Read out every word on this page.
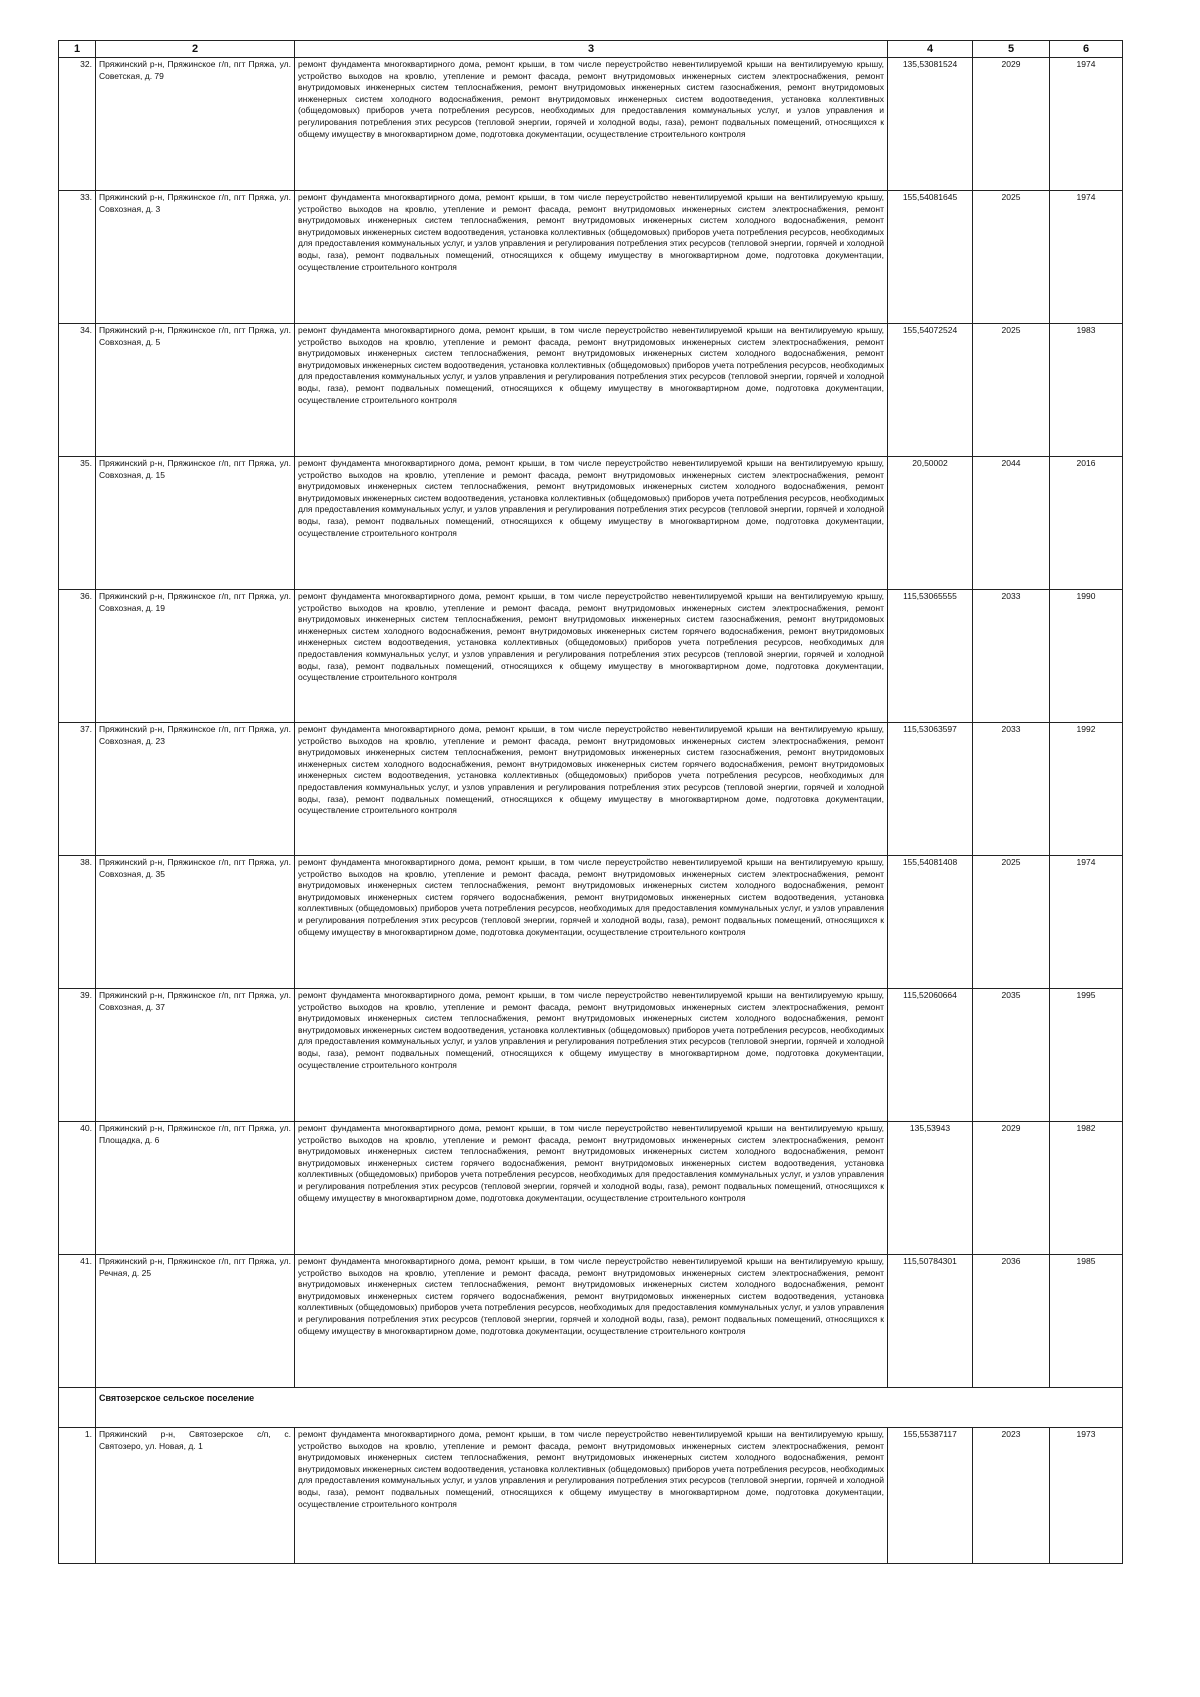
1	2	3	4	5	6
32.	Пряжинский р-н, Пряжинское г/п, пгт Пряжа, ул. Советская, д. 79	ремонт фундамента многоквартирного дома, ремонт крыши, в том числе переустройство невентилируемой крыши на вентилируемую крышу, устройство выходов на кровлю, утепление и ремонт фасада, ремонт внутридомовых инженерных систем электроснабжения, ремонт внутридомовых инженерных систем теплоснабжения, ремонт внутридомовых инженерных систем газоснабжения, ремонт внутридомовых инженерных систем холодного водоснабжения, ремонт внутридомовых инженерных систем водоотведения, установка коллективных (общедомовых) приборов учета потребления ресурсов, необходимых для предоставления коммунальных услуг, и узлов управления и регулирования потребления этих ресурсов (тепловой энергии, горячей и холодной воды, газа), ремонт подвальных помещений, относящихся к общему имуществу в многоквартирном доме, подготовка документации, осуществление строительного контроля	135,53081524	2029	1974
33.	Пряжинский р-н, Пряжинское г/п, пгт Пряжа, ул. Совхозная, д. 3	ремонт фундамента многоквартирного дома, ремонт крыши, в том числе переустройство невентилируемой крыши на вентилируемую крышу, устройство выходов на кровлю, утепление и ремонт фасада, ремонт внутридомовых инженерных систем электроснабжения, ремонт внутридомовых инженерных систем теплоснабжения, ремонт внутридомовых инженерных систем холодного водоснабжения, ремонт внутридомовых инженерных систем водоотведения, установка коллективных (общедомовых) приборов учета потребления ресурсов, необходимых для предоставления коммунальных услуг, и узлов управления и регулирования потребления этих ресурсов (тепловой энергии, горячей и холодной воды, газа), ремонт подвальных помещений, относящихся к общему имуществу в многоквартирном доме, подготовка документации, осуществление строительного контроля	155,54081645	2025	1974
34.	Пряжинский р-н, Пряжинское г/п, пгт Пряжа, ул. Совхозная, д. 5	ремонт фундамента многоквартирного дома, ремонт крыши, в том числе переустройство невентилируемой крыши на вентилируемую крышу, устройство выходов на кровлю, утепление и ремонт фасада, ремонт внутридомовых инженерных систем электроснабжения, ремонт внутридомовых инженерных систем теплоснабжения, ремонт внутридомовых инженерных систем холодного водоснабжения, ремонт внутридомовых инженерных систем водоотведения, установка коллективных (общедомовых) приборов учета потребления ресурсов, необходимых для предоставления коммунальных услуг, и узлов управления и регулирования потребления этих ресурсов (тепловой энергии, горячей и холодной воды, газа), ремонт подвальных помещений, относящихся к общему имуществу в многоквартирном доме, подготовка документации, осуществление строительного контроля	155,54072524	2025	1983
35.	Пряжинский р-н, Пряжинское г/п, пгт Пряжа, ул. Совхозная, д. 15	ремонт фундамента многоквартирного дома, ремонт крыши, в том числе переустройство невентилируемой крыши на вентилируемую крышу, устройство выходов на кровлю, утепление и ремонт фасада, ремонт внутридомовых инженерных систем электроснабжения, ремонт внутридомовых инженерных систем теплоснабжения, ремонт внутридомовых инженерных систем холодного водоснабжения, ремонт внутридомовых инженерных систем водоотведения, установка коллективных (общедомовых) приборов учета потребления ресурсов, необходимых для предоставления коммунальных услуг, и узлов управления и регулирования потребления этих ресурсов (тепловой энергии, горячей и холодной воды, газа), ремонт подвальных помещений, относящихся к общему имуществу в многоквартирном доме, подготовка документации, осуществление строительного контроля	20,50002	2044	2016
36.	Пряжинский р-н, Пряжинское г/п, пгт Пряжа, ул. Совхозная, д. 19	ремонт фундамента многоквартирного дома, ремонт крыши, в том числе переустройство невентилируемой крыши на вентилируемую крышу, устройство выходов на кровлю, утепление и ремонт фасада, ремонт внутридомовых инженерных систем электроснабжения, ремонт внутридомовых инженерных систем теплоснабжения, ремонт внутридомовых инженерных систем газоснабжения, ремонт внутридомовых инженерных систем холодного водоснабжения, ремонт внутридомовых инженерных систем горячего водоснабжения, ремонт внутридомовых инженерных систем водоотведения, установка коллективных (общедомовых) приборов учета потребления ресурсов, необходимых для предоставления коммунальных услуг, и узлов управления и регулирования потребления этих ресурсов (тепловой энергии, горячей и холодной воды, газа), ремонт подвальных помещений, относящихся к общему имуществу в многоквартирном доме, подготовка документации, осуществление строительного контроля	115,53065555	2033	1990
37.	Пряжинский р-н, Пряжинское г/п, пгт Пряжа, ул. Совхозная, д. 23	ремонт фундамента многоквартирного дома, ремонт крыши, в том числе переустройство невентилируемой крыши на вентилируемую крышу, устройство выходов на кровлю, утепление и ремонт фасада, ремонт внутридомовых инженерных систем электроснабжения, ремонт внутридомовых инженерных систем теплоснабжения, ремонт внутридомовых инженерных систем газоснабжения, ремонт внутридомовых инженерных систем холодного водоснабжения, ремонт внутридомовых инженерных систем горячего водоснабжения, ремонт внутридомовых инженерных систем водоотведения, установка коллективных (общедомовых) приборов учета потребления ресурсов, необходимых для предоставления коммунальных услуг, и узлов управления и регулирования потребления этих ресурсов (тепловой энергии, горячей и холодной воды, газа), ремонт подвальных помещений, относящихся к общему имуществу в многоквартирном доме, подготовка документации, осуществление строительного контроля	115,53063597	2033	1992
38.	Пряжинский р-н, Пряжинское г/п, пгт Пряжа, ул. Совхозная, д. 35	ремонт фундамента многоквартирного дома, ремонт крыши, в том числе переустройство невентилируемой крыши на вентилируемую крышу, устройство выходов на кровлю, утепление и ремонт фасада, ремонт внутридомовых инженерных систем электроснабжения, ремонт внутридомовых инженерных систем теплоснабжения, ремонт внутридомовых инженерных систем холодного водоснабжения, ремонт внутридомовых инженерных систем горячего водоснабжения, ремонт внутридомовых инженерных систем водоотведения, установка коллективных (общедомовых) приборов учета потребления ресурсов, необходимых для предоставления коммунальных услуг, и узлов управления и регулирования потребления этих ресурсов (тепловой энергии, горячей и холодной воды, газа), ремонт подвальных помещений, относящихся к общему имуществу в многоквартирном доме, подготовка документации, осуществление строительного контроля	155,54081408	2025	1974
39.	Пряжинский р-н, Пряжинское г/п, пгт Пряжа, ул. Совхозная, д. 37	ремонт фундамента многоквартирного дома, ремонт крыши, в том числе переустройство невентилируемой крыши на вентилируемую крышу, устройство выходов на кровлю, утепление и ремонт фасада, ремонт внутридомовых инженерных систем электроснабжения, ремонт внутридомовых инженерных систем теплоснабжения, ремонт внутридомовых инженерных систем холодного водоснабжения, ремонт внутридомовых инженерных систем водоотведения, установка коллективных (общедомовых) приборов учета потребления ресурсов, необходимых для предоставления коммунальных услуг, и узлов управления и регулирования потребления этих ресурсов (тепловой энергии, горячей и холодной воды, газа), ремонт подвальных помещений, относящихся к общему имуществу в многоквартирном доме, подготовка документации, осуществление строительного контроля	115,52060664	2035	1995
40.	Пряжинский р-н, Пряжинское г/п, пгт Пряжа, ул. Площадка, д. 6	ремонт фундамента многоквартирного дома, ремонт крыши, в том числе переустройство невентилируемой крыши на вентилируемую крышу, устройство выходов на кровлю, утепление и ремонт фасада, ремонт внутридомовых инженерных систем электроснабжения, ремонт внутридомовых инженерных систем теплоснабжения, ремонт внутридомовых инженерных систем холодного водоснабжения, ремонт внутридомовых инженерных систем горячего водоснабжения, ремонт внутридомовых инженерных систем водоотведения, установка коллективных (общедомовых) приборов учета потребления ресурсов, необходимых для предоставления коммунальных услуг, и узлов управления и регулирования потребления этих ресурсов (тепловой энергии, горячей и холодной воды, газа), ремонт подвальных помещений, относящихся к общему имуществу в многоквартирном доме, подготовка документации, осуществление строительного контроля	135,53943	2029	1982
41.	Пряжинский р-н, Пряжинское г/п, пгт Пряжа, ул. Речная, д. 25	ремонт фундамента многоквартирного дома, ремонт крыши, в том числе переустройство невентилируемой крыши на вентилируемую крышу, устройство выходов на кровлю, утепление и ремонт фасада, ремонт внутридомовых инженерных систем электроснабжения, ремонт внутридомовых инженерных систем теплоснабжения, ремонт внутридомовых инженерных систем холодного водоснабжения, ремонт внутридомовых инженерных систем горячего водоснабжения, ремонт внутридомовых инженерных систем водоотведения, установка коллективных (общедомовых) приборов учета потребления ресурсов, необходимых для предоставления коммунальных услуг, и узлов управления и регулирования потребления этих ресурсов (тепловой энергии, горячей и холодной воды, газа), ремонт подвальных помещений, относящихся к общему имуществу в многоквартирном доме, подготовка документации, осуществление строительного контроля	115,50784301	2036	1985
	Святозерское сельское поселение				
1.	Пряжинский р-н, Святозерское с/п, с. Святозеро, ул. Новая, д. 1	ремонт фундамента многоквартирного дома, ремонт крыши, в том числе переустройство невентилируемой крыши на вентилируемую крышу, устройство выходов на кровлю, утепление и ремонт фасада, ремонт внутридомовых инженерных систем электроснабжения, ремонт внутридомовых инженерных систем теплоснабжения, ремонт внутридомовых инженерных систем холодного водоснабжения, ремонт внутридомовых инженерных систем водоотведения, установка коллективных (общедомовых) приборов учета потребления ресурсов, необходимых для предоставления коммунальных услуг, и узлов управления и регулирования потребления этих ресурсов (тепловой энергии, горячей и холодной воды, газа), ремонт подвальных помещений, относящихся к общему имуществу в многоквартирном доме, подготовка документации, осуществление строительного контроля	155,55387117	2023	1973
